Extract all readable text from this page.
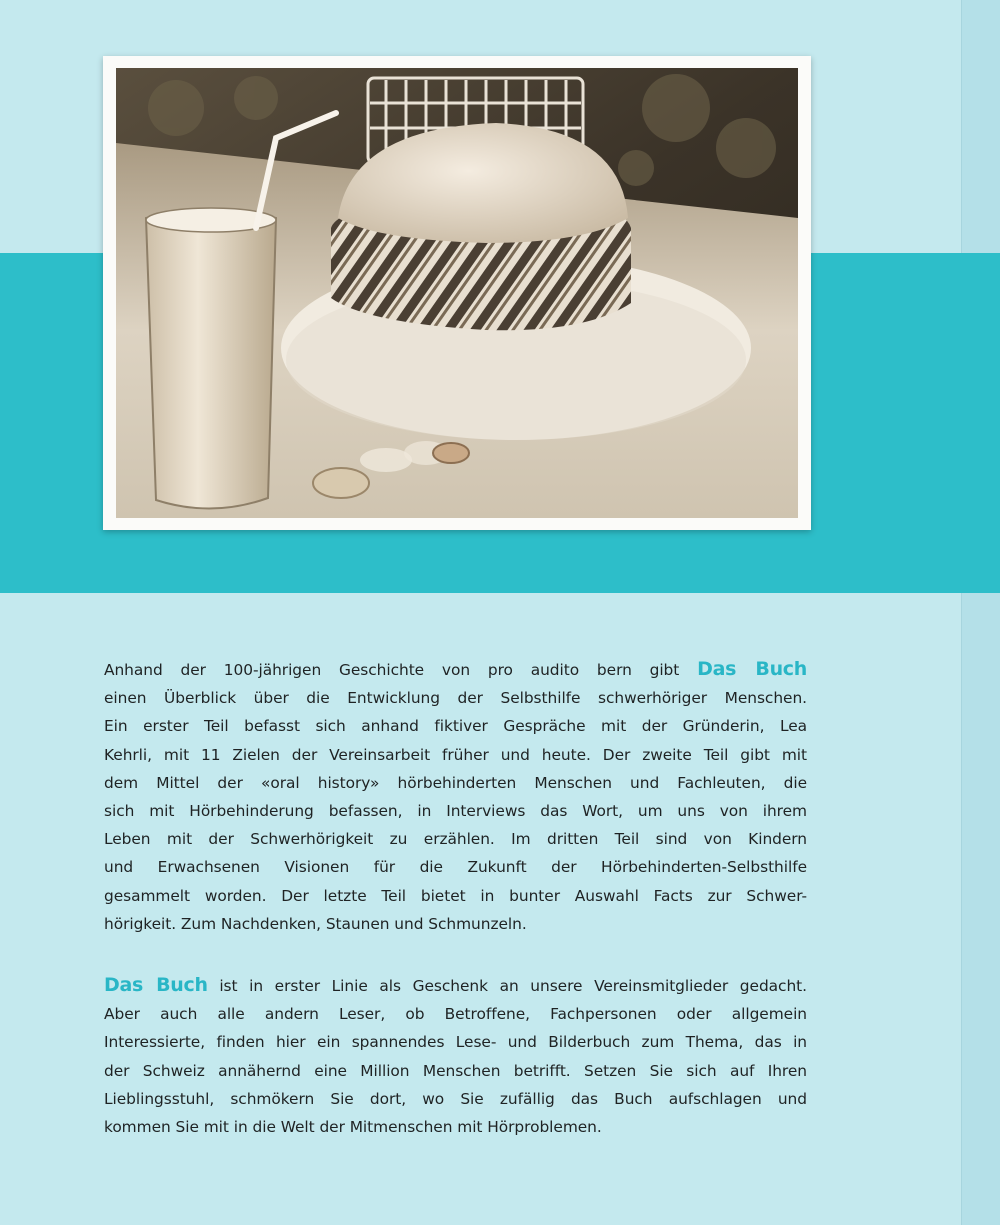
Anhand der 100-jährigen Geschichte von pro audito bern gibt Das Buch
einen Überblick über die Entwicklung der Selbsthilfe schwerhöriger Menschen.
Ein erster Teil befasst sich anhand fiktiver Gespräche mit der Gründerin, Lea
Kehrli, mit 11 Zielen der Vereinsarbeit früher und heute. Der zweite Teil gibt mit
dem Mittel der «oral history» hörbehinderten Menschen und Fachleuten, die
sich mit Hörbehinderung befassen, in Interviews das Wort, um uns von ihrem
Leben mit der Schwerhörigkeit zu erzählen. Im dritten Teil sind von Kindern
und Erwachsenen Visionen für die Zukunft der Hörbehinderten-Selbsthilfe
gesammelt worden. Der letzte Teil bietet in bunter Auswahl Facts zur Schwer-
hörigkeit. Zum Nachdenken, Staunen und Schmunzeln.
Das Buch ist in erster Linie als Geschenk an unsere Vereinsmitglieder gedacht.
Aber auch alle andern Leser, ob Betroffene, Fachpersonen oder allgemein
Interessierte, finden hier ein spannendes Lese- und Bilderbuch zum Thema, das in
der Schweiz annähernd eine Million Menschen betrifft. Setzen Sie sich auf Ihren
Lieblingsstuhl, schmökern Sie dort, wo Sie zufällig das Buch aufschlagen und
kommen Sie mit in die Welt der Mitmenschen mit Hörproblemen.
